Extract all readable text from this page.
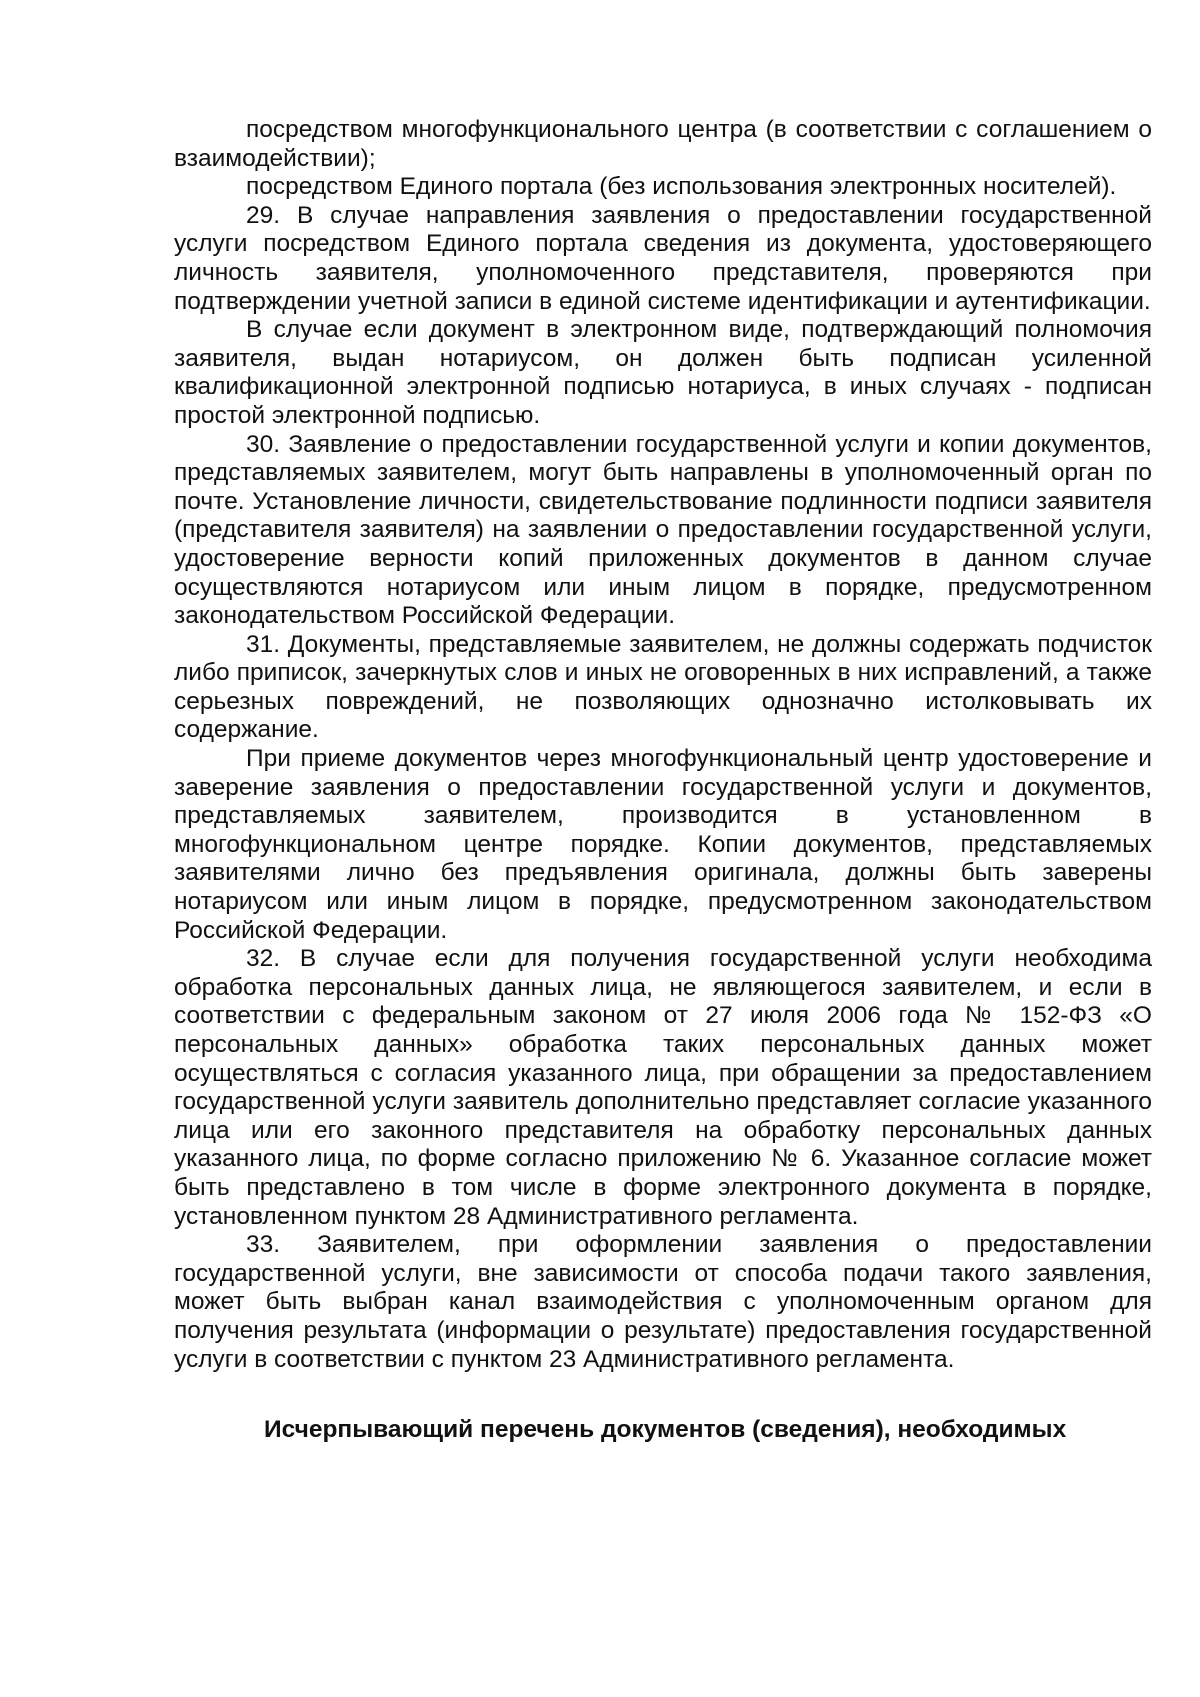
посредством многофункционального центра (в соответствии с соглашением о взаимодействии);

посредством Единого портала (без использования электронных носителей).

29. В случае направления заявления о предоставлении государственной услуги посредством Единого портала сведения из документа, удостоверяющего личность заявителя, уполномоченного представителя, проверяются при подтверждении учетной записи в единой системе идентификации и аутентификации.

В случае если документ в электронном виде, подтверждающий полномочия заявителя, выдан нотариусом, он должен быть подписан усиленной квалификационной электронной подписью нотариуса, в иных случаях - подписан простой электронной подписью.

30. Заявление о предоставлении государственной услуги и копии документов, представляемых заявителем, могут быть направлены в уполномоченный орган по почте. Установление личности, свидетельствование подлинности подписи заявителя (представителя заявителя) на заявлении о предоставлении государственной услуги, удостоверение верности копий приложенных документов в данном случае осуществляются нотариусом или иным лицом в порядке, предусмотренном законодательством Российской Федерации.

31. Документы, представляемые заявителем, не должны содержать подчисток либо приписок, зачеркнутых слов и иных не оговоренных в них исправлений, а также серьезных повреждений, не позволяющих однозначно истолковывать их содержание.

При приеме документов через многофункциональный центр удостоверение и заверение заявления о предоставлении государственной услуги и документов, представляемых заявителем, производится в установленном в многофункциональном центре порядке. Копии документов, представляемых заявителями лично без предъявления оригинала, должны быть заверены нотариусом или иным лицом в порядке, предусмотренном законодательством Российской Федерации.

32. В случае если для получения государственной услуги необходима обработка персональных данных лица, не являющегося заявителем, и если в соответствии с федеральным законом от 27 июля 2006 года № 152-ФЗ «О персональных данных» обработка таких персональных данных может осуществляться с согласия указанного лица, при обращении за предоставлением государственной услуги заявитель дополнительно представляет согласие указанного лица или его законного представителя на обработку персональных данных указанного лица, по форме согласно приложению № 6. Указанное согласие может быть представлено в том числе в форме электронного документа в порядке, установленном пунктом 28 Административного регламента.

33. Заявителем, при оформлении заявления о предоставлении государственной услуги, вне зависимости от способа подачи такого заявления, может быть выбран канал взаимодействия с уполномоченным органом для получения результата (информации о результате) предоставления государственной услуги в соответствии с пунктом 23 Административного регламента.

Исчерпывающий перечень документов (сведения), необходимых
